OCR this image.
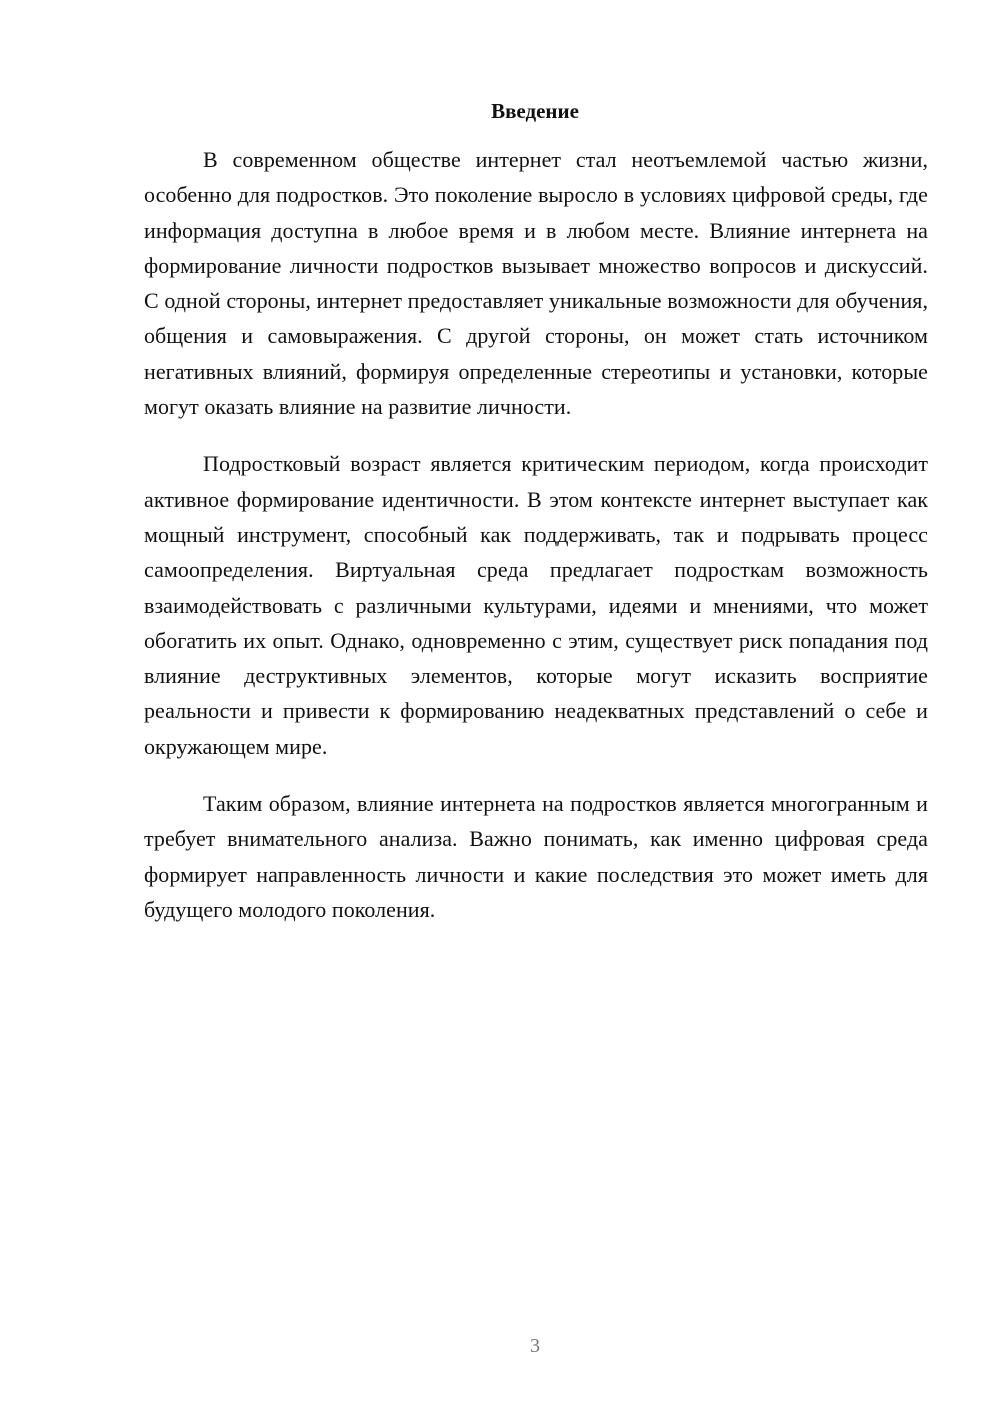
Введение

В современном обществе интернет стал неотъемлемой частью жизни, особенно для подростков. Это поколение выросло в условиях цифровой среды, где информация доступна в любое время и в любом месте. Влияние интернета на формирование личности подростков вызывает множество вопросов и дискуссий. С одной стороны, интернет предоставляет уникальные возможности для обучения, общения и самовыражения. С другой стороны, он может стать источником негативных влияний, формируя определенные стереотипы и установки, которые могут оказать влияние на развитие личности.

Подростковый возраст является критическим периодом, когда происходит активное формирование идентичности. В этом контексте интернет выступает как мощный инструмент, способный как поддерживать, так и подрывать процесс самоопределения. Виртуальная среда предлагает подросткам возможность взаимодействовать с различными культурами, идеями и мнениями, что может обогатить их опыт. Однако, одновременно с этим, существует риск попадания под влияние деструктивных элементов, которые могут исказить восприятие реальности и привести к формированию неадекватных представлений о себе и окружающем мире.

Таким образом, влияние интернета на подростков является многогранным и требует внимательного анализа. Важно понимать, как именно цифровая среда формирует направленность личности и какие последствия это может иметь для будущего молодого поколения.

3
